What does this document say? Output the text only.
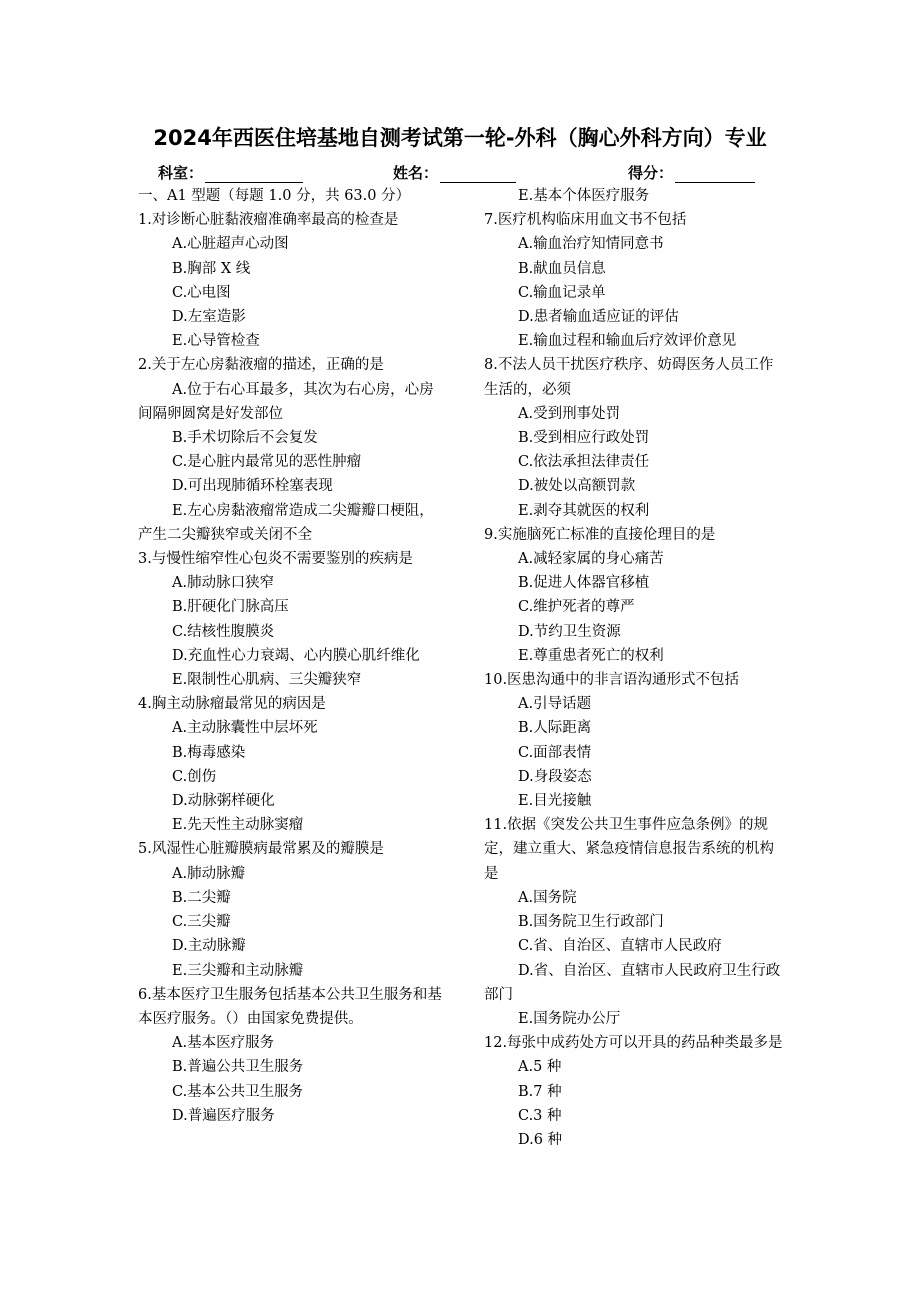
2024年西医住培基地自测考试第一轮-外科（胸心外科方向）专业
科室：	姓名：	得分：
一、A1 型题（每题 1.0 分，共 63.0 分）
1.对诊断心脏黏液瘤准确率最高的检查是
A.心脏超声心动图
B.胸部 X 线
C.心电图
D.左室造影
E.心导管检查
2.关于左心房黏液瘤的描述，正确的是
A.位于右心耳最多，其次为右心房，心房间隔卵圆窝是好发部位
B.手术切除后不会复发
C.是心脏内最常见的恶性肿瘤
D.可出现肺循环栓塞表现
E.左心房黏液瘤常造成二尖瓣瓣口梗阻，产生二尖瓣狭窄或关闭不全
3.与慢性缩窄性心包炎不需要鉴别的疾病是
A.肺动脉口狭窄
B.肝硬化门脉高压
C.结核性腹膜炎
D.充血性心力衰竭、心内膜心肌纤维化
E.限制性心肌病、三尖瓣狭窄
4.胸主动脉瘤最常见的病因是
A.主动脉囊性中层坏死
B.梅毒感染
C.创伤
D.动脉粥样硬化
E.先天性主动脉窦瘤
5.风湿性心脏瓣膜病最常累及的瓣膜是
A.肺动脉瓣
B.二尖瓣
C.三尖瓣
D.主动脉瓣
E.三尖瓣和主动脉瓣
6.基本医疗卫生服务包括基本公共卫生服务和基本医疗服务。（）由国家免费提供。
A.基本医疗服务
B.普遍公共卫生服务
C.基本公共卫生服务
D.普遍医疗服务
E.基本个体医疗服务
7.医疗机构临床用血文书不包括
A.输血治疗知情同意书
B.献血员信息
C.输血记录单
D.患者输血适应证的评估
E.输血过程和输血后疗效评价意见
8.不法人员干扰医疗秩序、妨碍医务人员工作生活的，必须
A.受到刑事处罚
B.受到相应行政处罚
C.依法承担法律责任
D.被处以高额罚款
E.剥夺其就医的权利
9.实施脑死亡标准的直接伦理目的是
A.减轻家属的身心痛苦
B.促进人体器官移植
C.维护死者的尊严
D.节约卫生资源
E.尊重患者死亡的权利
10.医患沟通中的非言语沟通形式不包括
A.引导话题
B.人际距离
C.面部表情
D.身段姿态
E.目光接触
11.依据《突发公共卫生事件应急条例》的规定，建立重大、紧急疫情信息报告系统的机构是
A.国务院
B.国务院卫生行政部门
C.省、自治区、直辖市人民政府
D.省、自治区、直辖市人民政府卫生行政部门
E.国务院办公厅
12.每张中成药处方可以开具的药品种类最多是
A.5 种
B.7 种
C.3 种
D.6 种
